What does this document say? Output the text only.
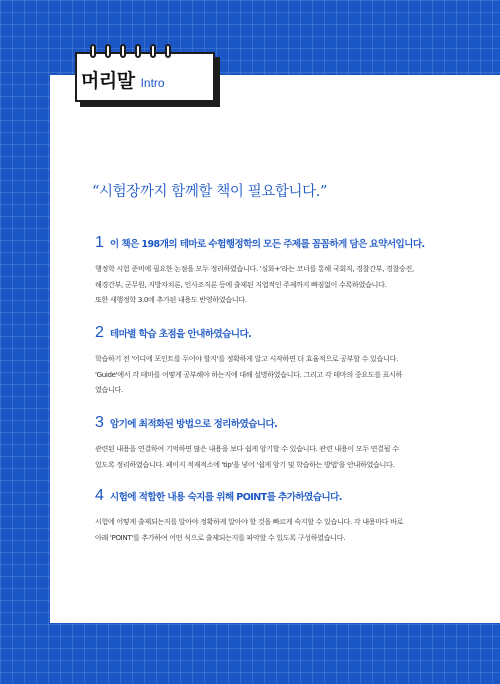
머리말 Intro
“시험장까지 함께할 책이 필요합니다.”
1 이 책은 198개의 테마로 수험행정학의 모든 주제를 꼼꼼하게 담은 요약서입니다.
행정학 시험 준비에 필요한 논점을 모두 정리하였습니다. '심화+'라는 코너를 통해 국회직, 경찰간부, 경찰승진,
해경간부, 군무원, 지방자치론, 인사조직론 등에 출제된 지엽적인 주제까지 빠짐없이 수록하였습니다.
또한 새행정학 3.0에 추가된 내용도 반영하였습니다.
2 테마별 학습 초점을 안내하였습니다.
학습하기 전 '어디에 포인트를 두어야 할지'를 정확하게 알고 시작하면 더 효율적으로 공부할 수 있습니다.
'Guide'에서 각 테마를 어떻게 공부해야 하는지에 대해 설명하였습니다. 그리고 각 테마의 중요도를 표시하
였습니다.
3 암기에 최적화된 방법으로 정리하였습니다.
관련된 내용을 연결하여 기억하면 많은 내용을 보다 쉽게 암기할 수 있습니다. 관련 내용이 모두 연결될 수
있도록 정리하였습니다. 페이지 적재적소에 'tip'을 넣어 '쉽게 암기 및 학습하는 방법'을 안내하였습니다.
4 시험에 적합한 내용 숙지를 위해 POINT를 추가하였습니다.
시험에 어떻게 출제되는지를 알아야 정확하게 알아야 할 것을 빠르게 숙지할 수 있습니다. 각 내용마다 바로
아래 'POINT'를 추가하여 어떤 식으로 출제되는지를 파악할 수 있도록 구성하였습니다.
